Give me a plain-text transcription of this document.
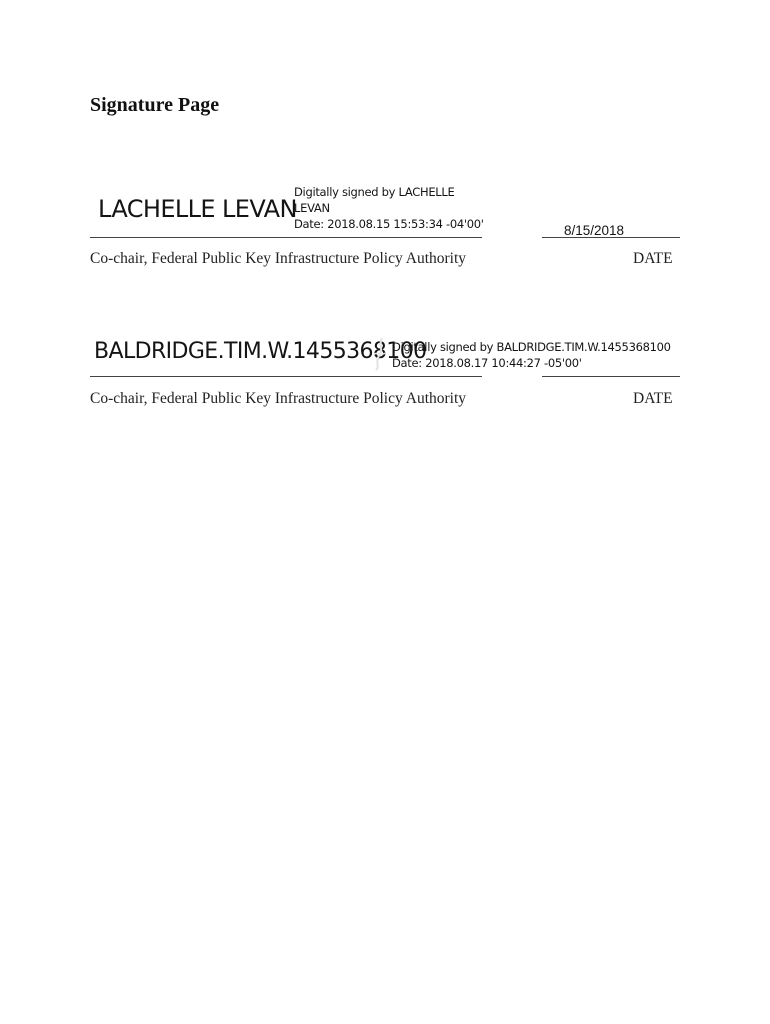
Signature Page
LACHELLE LEVAN
Digitally signed by LACHELLE
LEVAN
Date: 2018.08.15 15:53:34 -04'00'	8/15/2018
Co-chair, Federal Public Key Infrastructure Policy Authority	DATE
BALDRIDGE.TIM.W.1455368100
Digitally signed by BALDRIDGE.TIM.W.1455368100
Date: 2018.08.17 10:44:27 -05'00'
Co-chair, Federal Public Key Infrastructure Policy Authority	DATE
